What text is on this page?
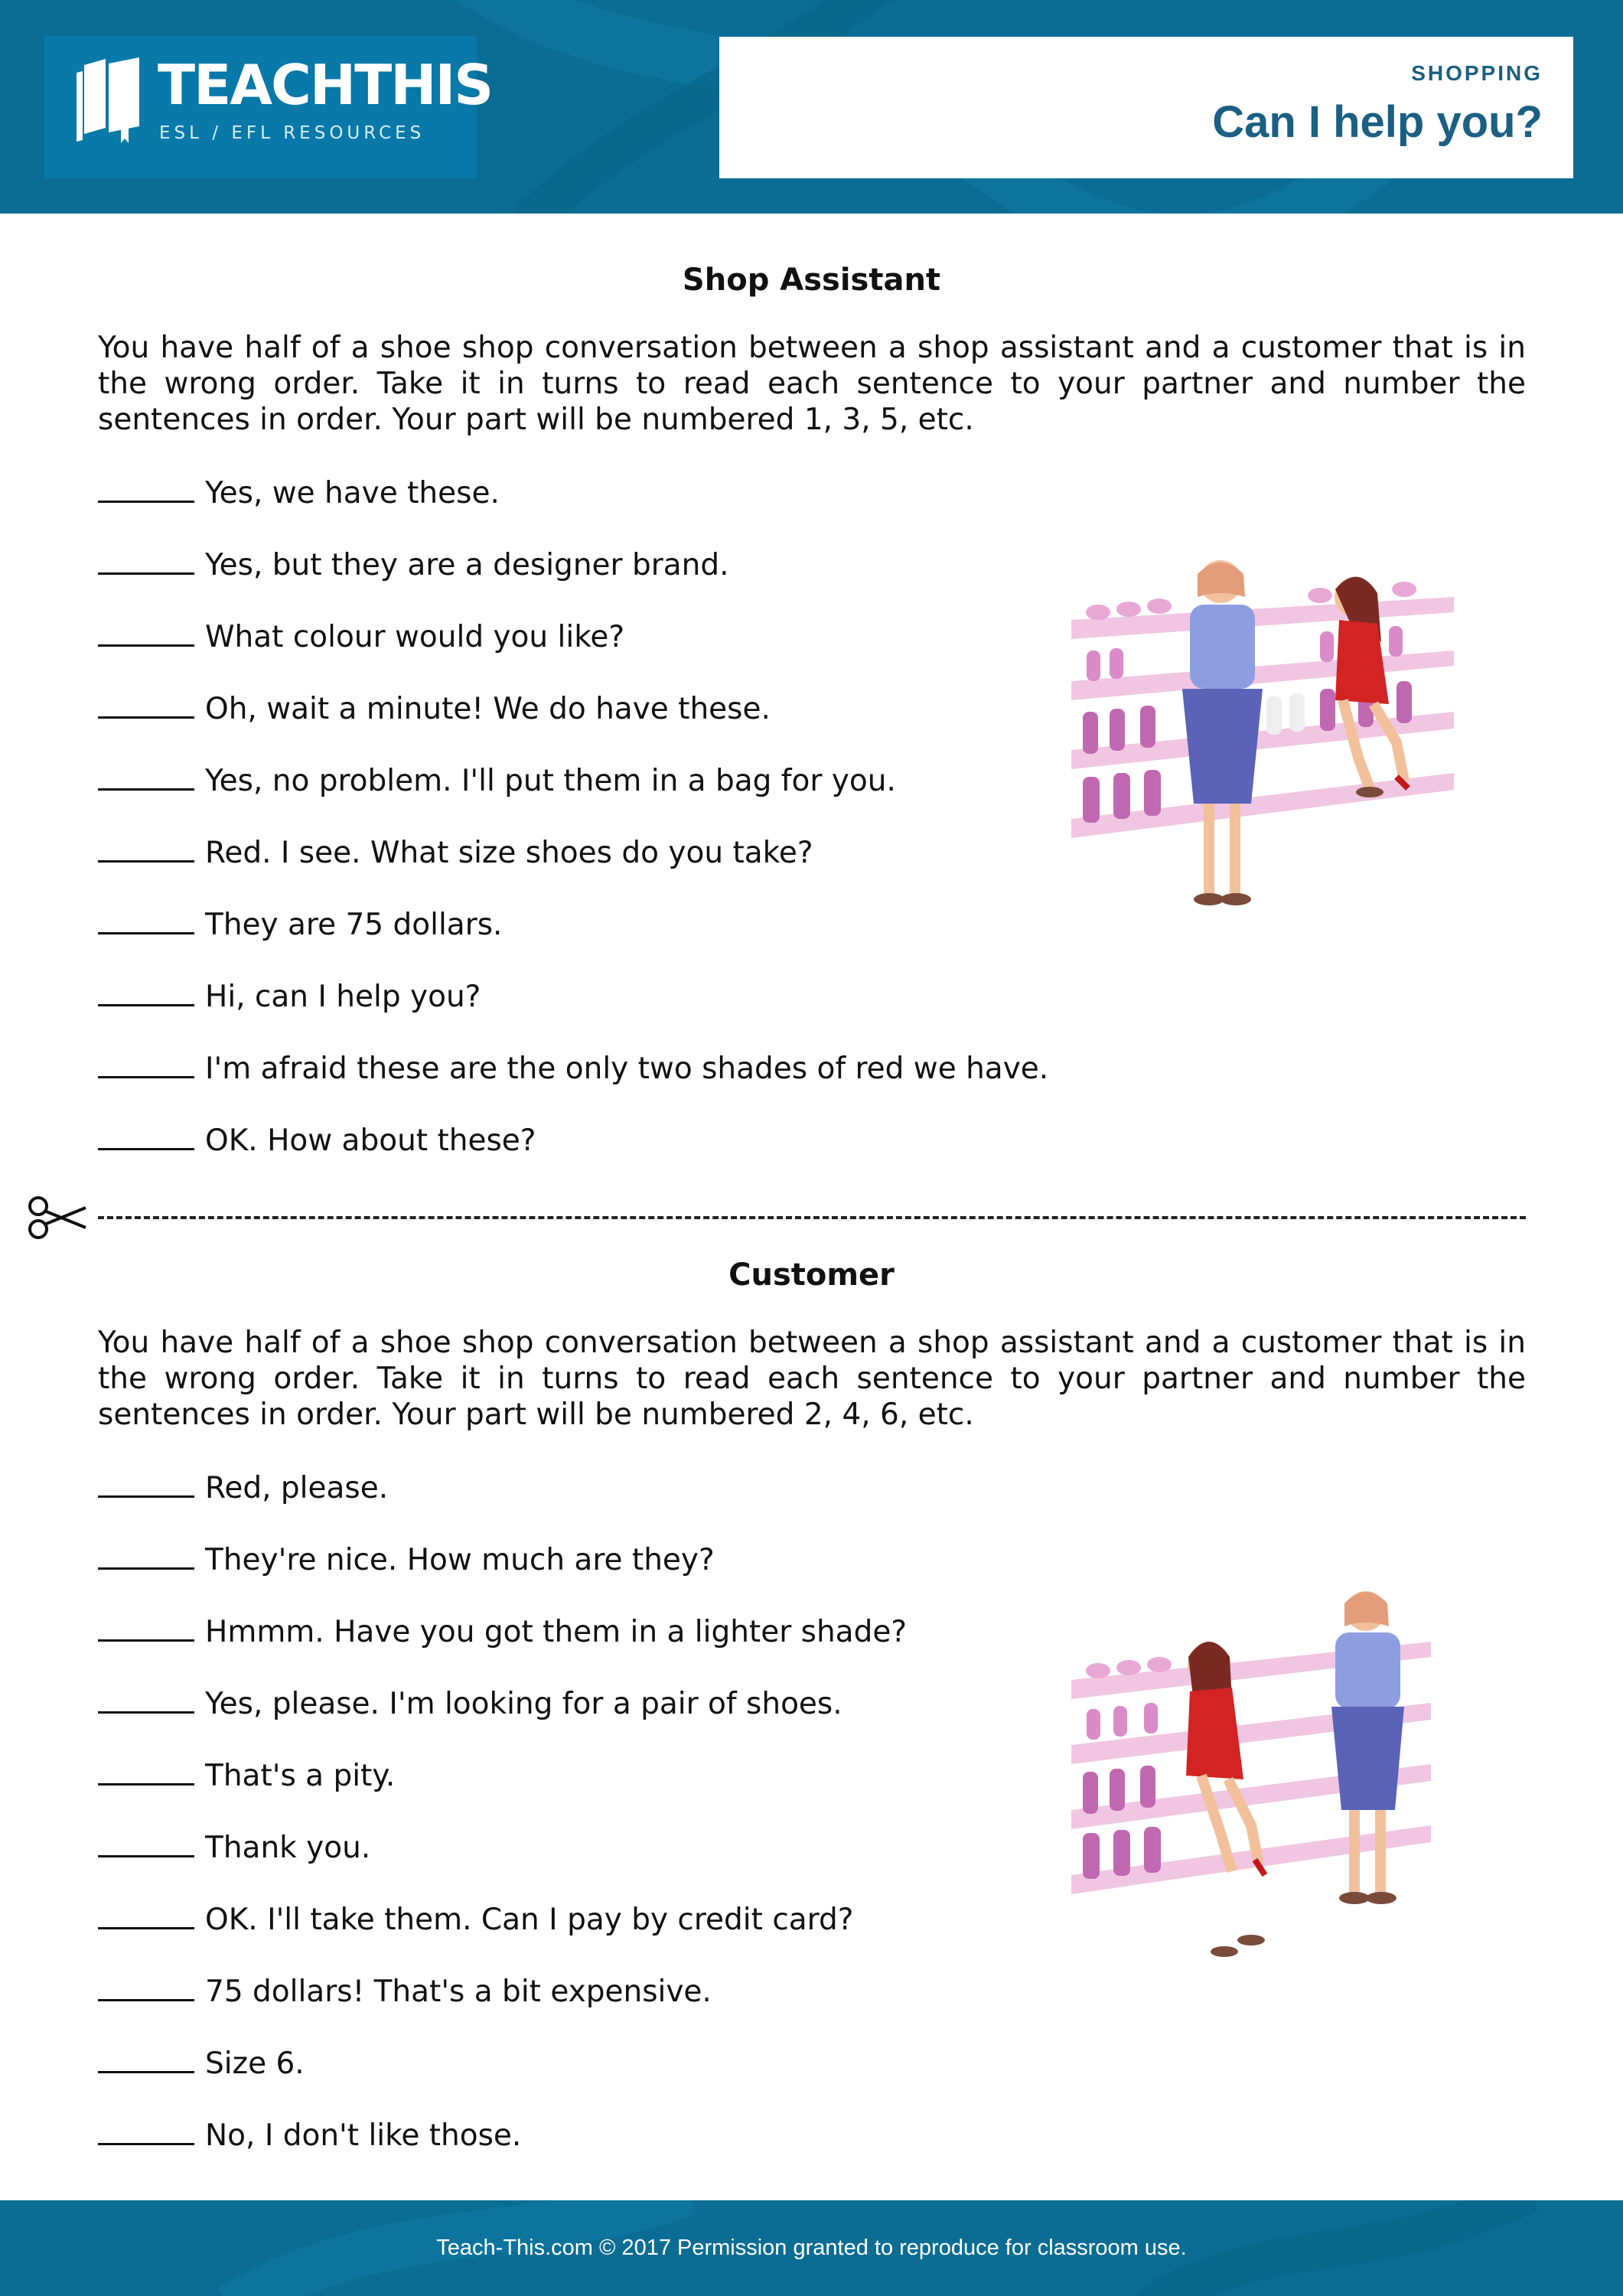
TEACHTHIS
ESL / EFL RESOURCES
SHOPPING
Can I help you?
Shop Assistant
You have half of a shoe shop conversation between a shop assistant and a customer that is in the wrong order. Take it in turns to read each sentence to your partner and number the sentences in order. Your part will be numbered 1, 3, 5, etc.
Yes, we have these.
Yes, but they are a designer brand.
What colour would you like?
Oh, wait a minute! We do have these.
Yes, no problem. I'll put them in a bag for you.
Red. I see. What size shoes do you take?
They are 75 dollars.
Hi, can I help you?
I'm afraid these are the only two shades of red we have.
OK. How about these?
Customer
You have half of a shoe shop conversation between a shop assistant and a customer that is in the wrong order. Take it in turns to read each sentence to your partner and number the sentences in order. Your part will be numbered 2, 4, 6, etc.
Red, please.
They're nice. How much are they?
Hmmm. Have you got them in a lighter shade?
Yes, please. I'm looking for a pair of shoes.
That's a pity.
Thank you.
OK. I'll take them. Can I pay by credit card?
75 dollars! That's a bit expensive.
Size 6.
No, I don't like those.
Teach-This.com © 2017 Permission granted to reproduce for classroom use.
